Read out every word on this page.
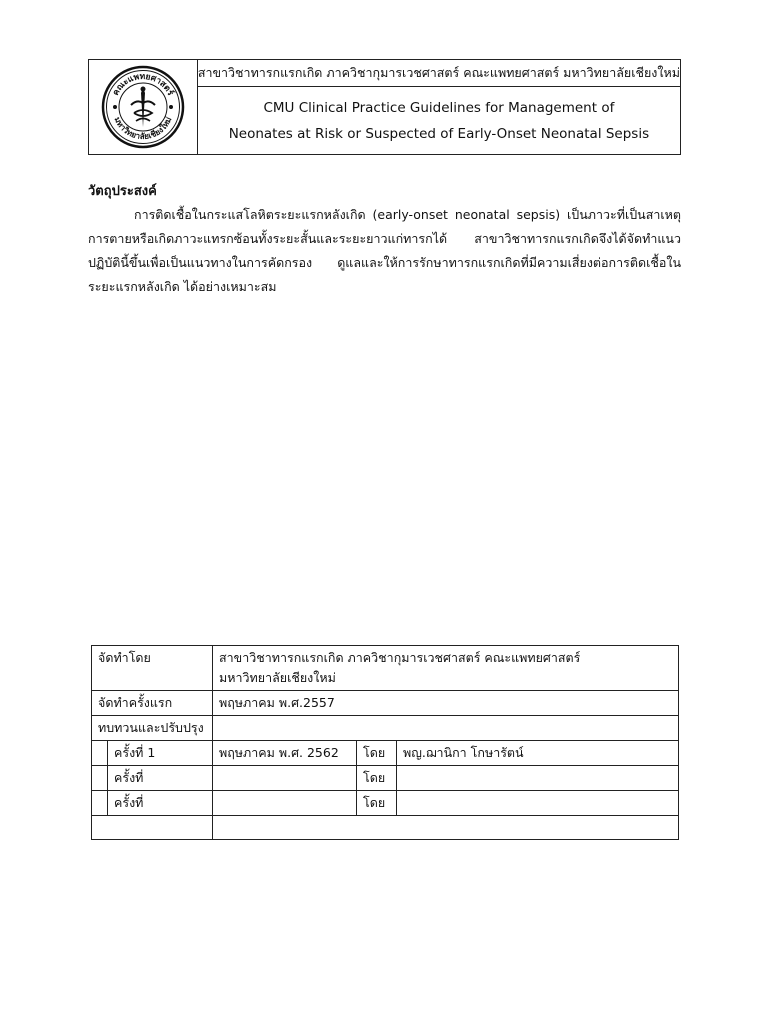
คณะแพทยศาสตร์
มหาวิทยาลัยเชียงใหม่
	สาขาวิชาทารกแรกเกิด ภาควิชากุมารเวชศาสตร์ คณะแพทยศาสตร์ มหาวิทยาลัยเชียงใหม่

CMU Clinical Practice Guidelines for Management of
Neonates at Risk or Suspected of Early-Onset Neonatal Sepsis
วัตถุประสงค์
การติดเชื้อในกระแสโลหิตระยะแรกหลังเกิด (early-onset neonatal sepsis) เป็นภาวะที่เป็นสาเหตุการตายหรือเกิดภาวะแทรกซ้อนทั้งระยะสั้นและระยะยาวแก่ทารกได้ สาขาวิชาทารกแรกเกิดจึงได้จัดทำแนวปฏิบัตินี้ขึ้นเพื่อเป็นแนวทางในการคัดกรอง ดูแลและให้การรักษาทารกแรกเกิดที่มีความเสี่ยงต่อการติดเชื้อในระยะแรกหลังเกิด ได้อย่างเหมาะสม
จัดทำโดย		สาขาวิชาทารกแรกเกิด ภาควิชากุมารเวชศาสตร์ คณะแพทยศาสตร์
มหาวิทยาลัยเชียงใหม่		

จัดทำครั้งแรก		พฤษภาคม พ.ศ.2557		
ทบทวนและปรับปรุง				
	ครั้งที่ 1	พฤษภาคม พ.ศ. 2562	โดย	พญ.ฌานิกา โกษารัตน์
	ครั้งที่		โดย	
	ครั้งที่		โดย	
